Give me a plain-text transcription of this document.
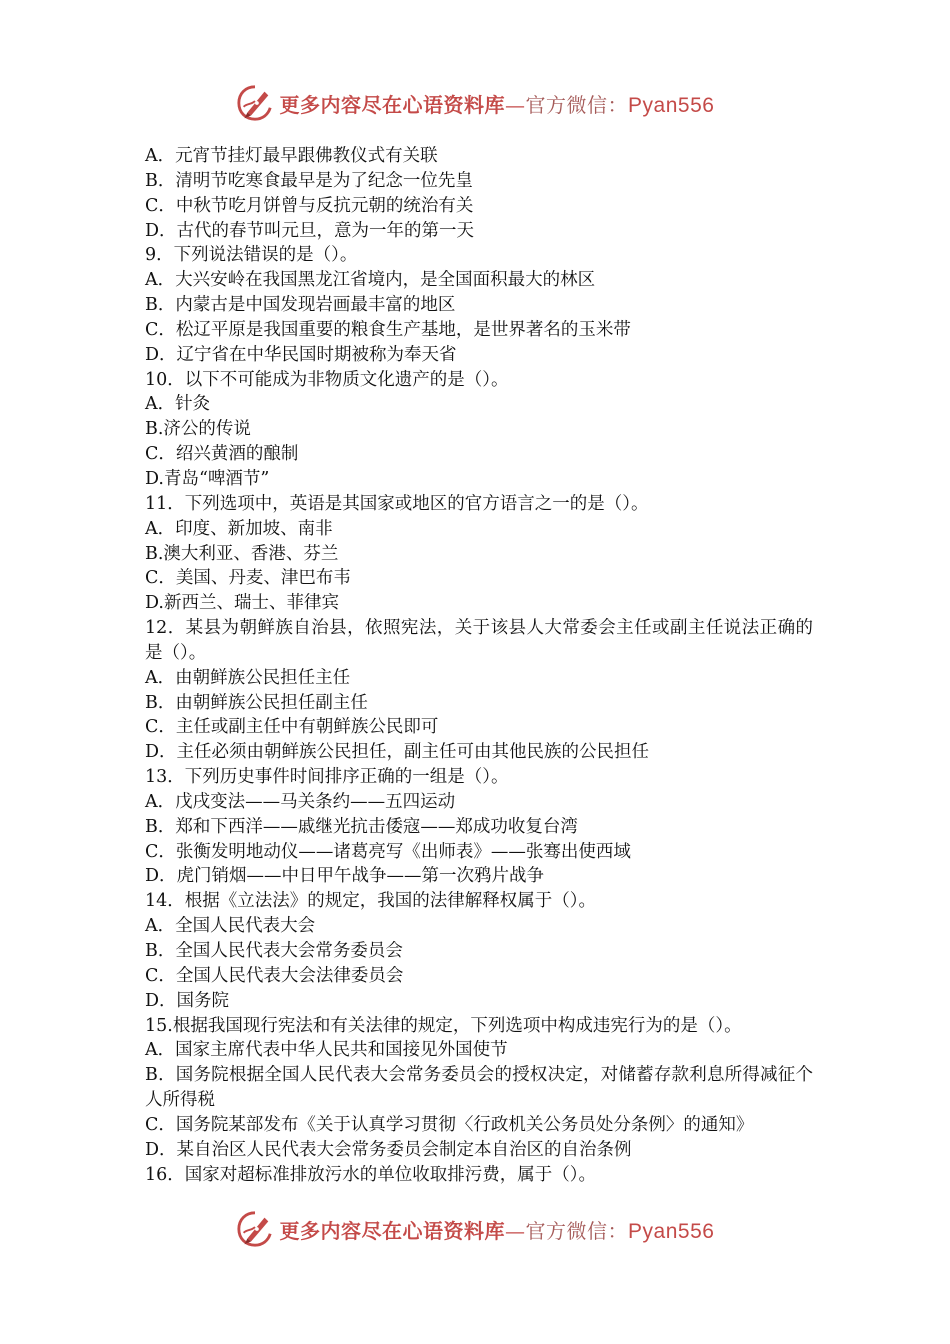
更多内容尽在心语资料库—官方微信：Pyan556
A．元宵节挂灯最早跟佛教仪式有关联
B．清明节吃寒食最早是为了纪念一位先皇
C．中秋节吃月饼曾与反抗元朝的统治有关
D．古代的春节叫元旦，意为一年的第一天
9．下列说法错误的是（）。
A．大兴安岭在我国黑龙江省境内，是全国面积最大的林区
B．内蒙古是中国发现岩画最丰富的地区
C．松辽平原是我国重要的粮食生产基地，是世界著名的玉米带
D．辽宁省在中华民国时期被称为奉天省
10．以下不可能成为非物质文化遗产的是（）。
A．针灸
B.济公的传说
C．绍兴黄酒的酿制
D.青岛“啤酒节”
11．下列选项中，英语是其国家或地区的官方语言之一的是（）。
A．印度、新加坡、南非
B.澳大利亚、香港、芬兰
C．美国、丹麦、津巴布韦
D.新西兰、瑞士、菲律宾
12．某县为朝鲜族自治县，依照宪法，关于该县人大常委会主任或副主任说法正确的是（）。
A．由朝鲜族公民担任主任
B．由朝鲜族公民担任副主任
C．主任或副主任中有朝鲜族公民即可
D．主任必须由朝鲜族公民担任，副主任可由其他民族的公民担任
13．下列历史事件时间排序正确的一组是（）。
A．戊戌变法——马关条约——五四运动
B．郑和下西洋——戚继光抗击倭寇——郑成功收复台湾
C．张衡发明地动仪——诸葛亮写《出师表》——张骞出使西域
D．虎门销烟——中日甲午战争——第一次鸦片战争
14．根据《立法法》的规定，我国的法律解释权属于（）。
A．全国人民代表大会
B．全国人民代表大会常务委员会
C．全国人民代表大会法律委员会
D．国务院
15.根据我国现行宪法和有关法律的规定，下列选项中构成违宪行为的是（）。
A．国家主席代表中华人民共和国接见外国使节
B．国务院根据全国人民代表大会常务委员会的授权决定，对储蓄存款利息所得减征个人所得税
C．国务院某部发布《关于认真学习贯彻〈行政机关公务员处分条例〉的通知》
D．某自治区人民代表大会常务委员会制定本自治区的自治条例
16．国家对超标准排放污水的单位收取排污费，属于（）。
更多内容尽在心语资料库—官方微信：Pyan556
